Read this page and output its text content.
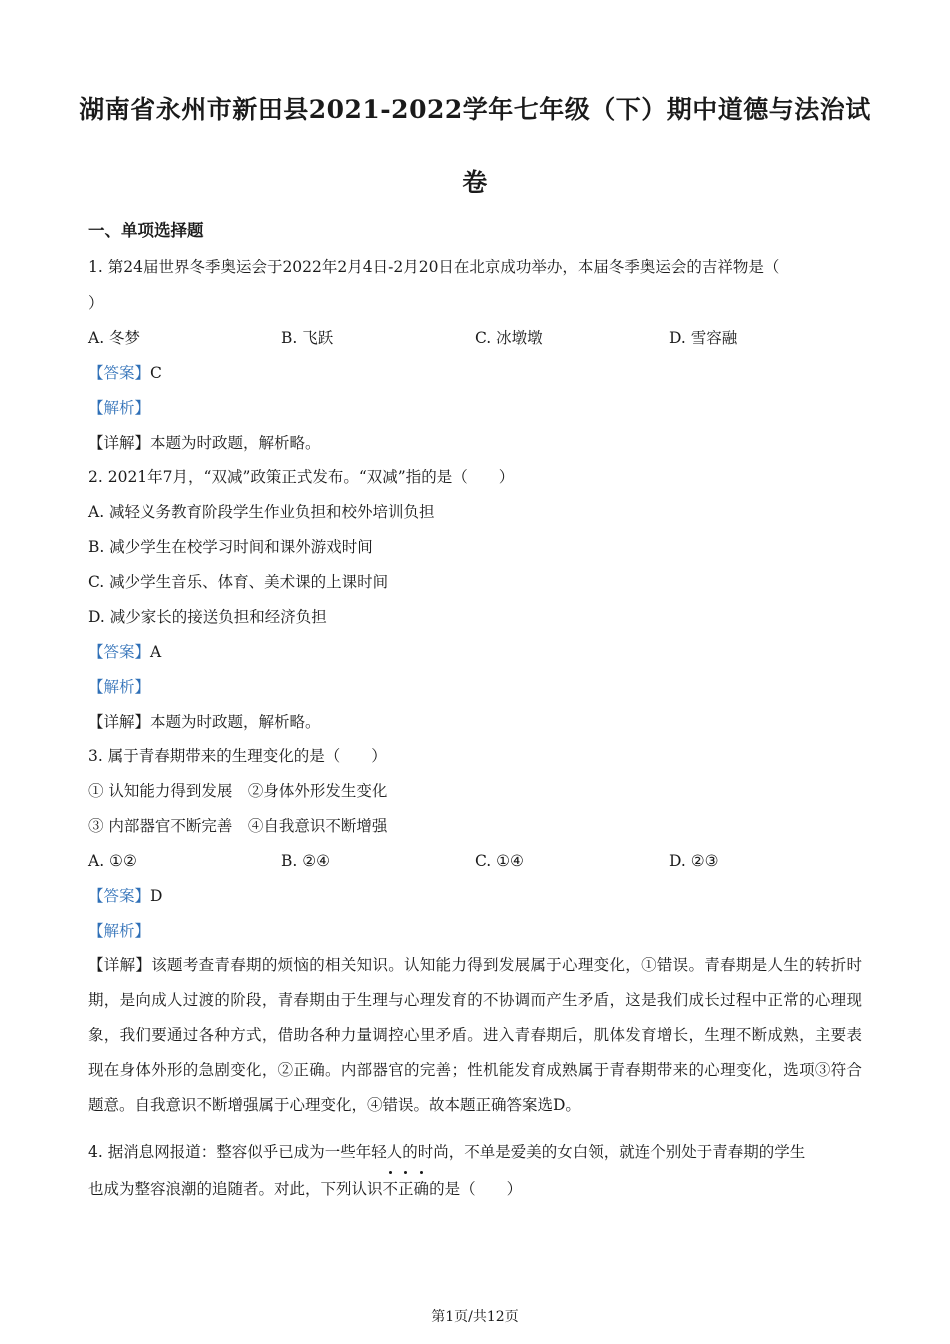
湖南省永州市新田县2021-2022学年七年级（下）期中道德与法治试
卷
一、单项选择题
1. 第24届世界冬季奥运会于2022年2月4日-2月20日在北京成功举办，本届冬季奥运会的吉祥物是（
）
A. 冬梦	B. 飞跃	C. 冰墩墩	D. 雪容融
【答案】C
【解析】
【详解】本题为时政题，解析略。
2. 2021年7月，“双减”政策正式发布。“双减”指的是（　　）
A. 减轻义务教育阶段学生作业负担和校外培训负担
B. 减少学生在校学习时间和课外游戏时间
C. 减少学生音乐、体育、美术课的上课时间
D. 减少家长的接送负担和经济负担
【答案】A
【解析】
【详解】本题为时政题，解析略。
3. 属于青春期带来的生理变化的是（　　）
① 认知能力得到发展　②身体外形发生变化
③ 内部器官不断完善　④自我意识不断增强
A. ①②	B. ②④	C. ①④	D. ②③
【答案】D
【解析】
【详解】该题考查青春期的烦恼的相关知识。认知能力得到发展属于心理变化，①错误。青春期是人生的转折时期，是向成人过渡的阶段，青春期由于生理与心理发育的不协调而产生矛盾，这是我们成长过程中正常的心理现象，我们要通过各种方式，借助各种力量调控心里矛盾。进入青春期后，肌体发育增长，生理不断成熟，主要表现在身体外形的急剧变化，②正确。内部器官的完善；性机能发育成熟属于青春期带来的心理变化，选项③符合题意。自我意识不断增强属于心理变化，④错误。故本题正确答案选D。
4. 据消息网报道：整容似乎已成为一些年轻人的时尚，不单是爱美的女白领，就连个别处于青春期的学生
也成为整容浪潮的追随者。对此，下列认识不
正
确
的是（　　）
第1页/共12页
